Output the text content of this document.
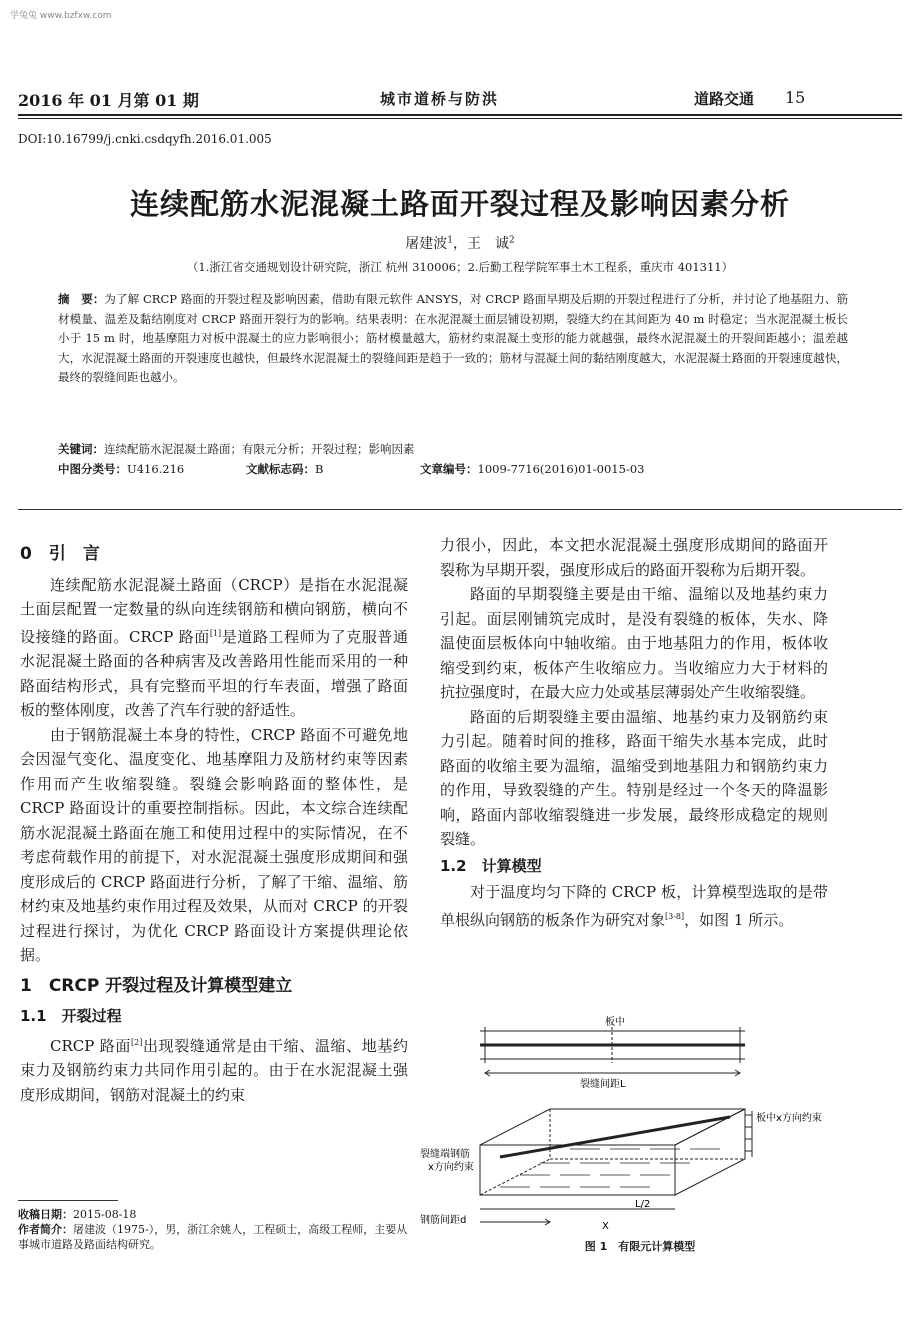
学兔兔 www.bzfxw.com
2016 年 01 月第 01 期	城市道桥与防洪	道路交通 15
DOI:10.16799/j.cnki.csdqyfh.2016.01.005
连续配筋水泥混凝土路面开裂过程及影响因素分析
屠建波$^1$，王　诚$^2$
（1.浙江省交通规划设计研究院，浙江 杭州 310006；2.后勤工程学院军事土木工程系，重庆市 401311）
摘　要：为了解 CRCP 路面的开裂过程及影响因素，借助有限元软件 ANSYS，对 CRCP 路面早期及后期的开裂过程进行了分析，并讨论了地基阻力、筋材模量、温差及黏结刚度对 CRCP 路面开裂行为的影响。结果表明：在水泥混凝土面层铺设初期，裂缝大约在其间距为 40 m 时稳定；当水泥混凝土板长小于 15 m 时，地基摩阻力对板中混凝土的应力影响很小；筋材模量越大，筋材约束混凝土变形的能力就越强，最终水泥混凝土的开裂间距越小；温差越大，水泥混凝土路面的开裂速度也越快，但最终水泥混凝土的裂缝间距是趋于一致的；筋材与混凝土间的黏结刚度越大，水泥混凝土路面的开裂速度越快，最终的裂缝间距也越小。
关键词：连续配筋水泥混凝土路面；有限元分析；开裂过程；影响因素
中图分类号：U416.216	文献标志码：B	文章编号：1009-7716(2016)01-0015-03
0　引　言

连续配筋水泥混凝土路面（CRCP）是指在水泥混凝土面层配置一定数量的纵向连续钢筋和横向钢筋，横向不设接缝的路面。CRCP 路面[1]是道路工程师为了克服普通水泥混凝土路面的各种病害及改善路用性能而采用的一种路面结构形式，具有完整而平坦的行车表面，增强了路面板的整体刚度，改善了汽车行驶的舒适性。

由于钢筋混凝土本身的特性，CRCP 路面不可避免地会因湿气变化、温度变化、地基摩阻力及筋材约束等因素作用而产生收缩裂缝。裂缝会影响路面的整体性，是 CRCP 路面设计的重要控制指标。因此，本文综合连续配筋水泥混凝土路面在施工和使用过程中的实际情况，在不考虑荷载作用的前提下，对水泥混凝土强度形成期间和强度形成后的 CRCP 路面进行分析，了解了干缩、温缩、筋材约束及地基约束作用过程及效果，从而对 CRCP 的开裂过程进行探讨，为优化 CRCP 路面设计方案提供理论依据。

1　CRCP 开裂过程及计算模型建立
1.1　开裂过程

CRCP 路面[2]出现裂缝通常是由干缩、温缩、地基约束力及钢筋约束力共同作用引起的。由于在水泥混凝土强度形成期间，钢筋对混凝土的约束

力很小，因此，本文把水泥混凝土强度形成期间的路面开裂称为早期开裂，强度形成后的路面开裂称为后期开裂。

路面的早期裂缝主要是由干缩、温缩以及地基约束力引起。面层刚铺筑完成时，是没有裂缝的板体，失水、降温使面层板体向中轴收缩。由于地基阻力的作用，板体收缩受到约束，板体产生收缩应力。当收缩应力大于材料的抗拉强度时，在最大应力处或基层薄弱处产生收缩裂缝。

路面的后期裂缝主要由温缩、地基约束力及钢筋约束力引起。随着时间的推移，路面干缩失水基本完成，此时路面的收缩主要为温缩，温缩受到地基阻力和钢筋约束力的作用，导致裂缝的产生。特别是经过一个冬天的降温影响，路面内部收缩裂缝进一步发展，最终形成稳定的规则裂缝。

1.2　计算模型

对于温度均匀下降的 CRCP 板，计算模型选取的是带单根纵向钢筋的板条作为研究对象[3-8]，如图 1 所示。

板中
裂缝间距L
板中x方向约束
裂缝端钢筋
x方向约束
钢筋间距d
L/2
X
图 1　有限元计算模型
收稿日期：2015-08-18
作者简介：屠建波（1975-），男，浙江余姚人，工程硕士，高级工程师，主要从事城市道路及路面结构研究。
